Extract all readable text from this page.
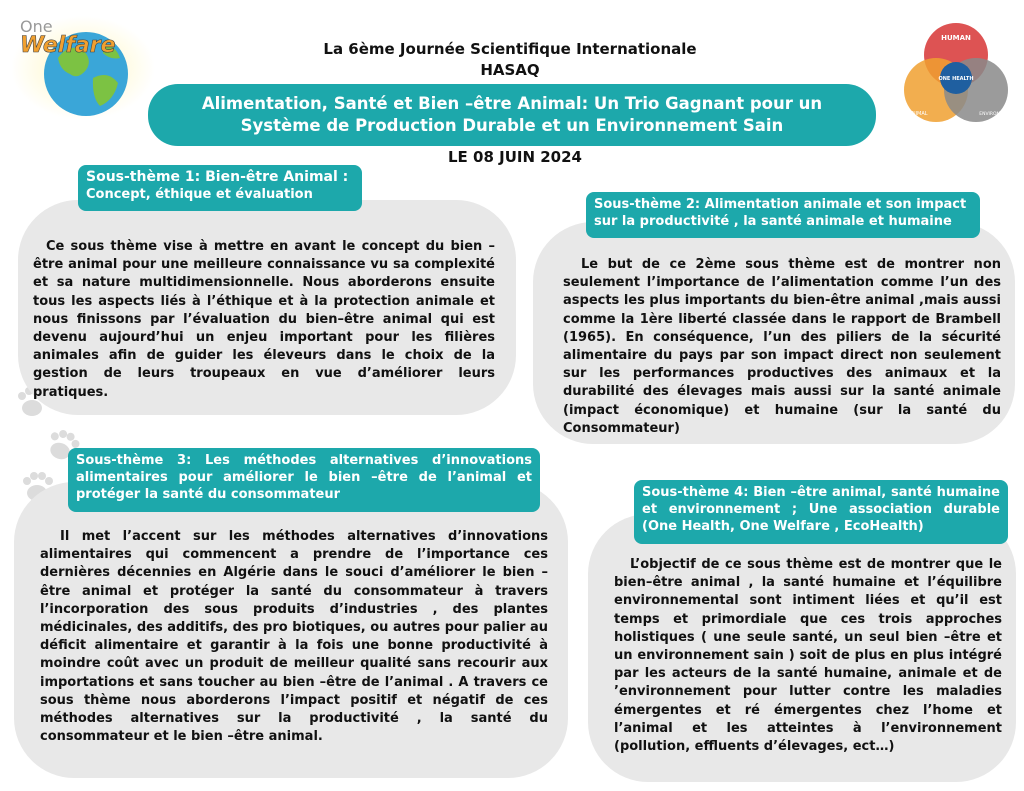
One
Welfare	HUMAN
ONE HEALTH
ANIMAL	ENVIRONMENT
La 6ème Journée Scientifique Internationale
HASAQ
Alimentation, Santé et Bien –être Animal: Un Trio Gagnant pour un Système de Production Durable et un Environnement Sain
LE 08 JUIN 2024
Sous-thème 1: Bien-être Animal :
Concept, éthique et évaluation
Ce sous thème vise à mettre en avant le concept du bien –être animal pour une meilleure connaissance vu sa complexité et sa nature multidimensionnelle. Nous aborderons ensuite tous les aspects liés à l’éthique et à la protection animale et nous finissons par l’évaluation du bien–être animal qui est devenu aujourd’hui un enjeu important pour les filières animales afin de guider les éleveurs dans le choix de la gestion de leurs troupeaux en vue d’améliorer leurs pratiques.
Sous-thème 2: Alimentation animale et son impact sur la productivité , la santé animale et humaine
Le but de ce 2ème sous thème est de montrer non seulement l’importance de l’alimentation comme l’un des aspects les plus importants du bien-être animal ,mais aussi comme la 1ère liberté classée dans le rapport de Brambell (1965). En conséquence, l’un des piliers de la sécurité alimentaire du pays par son impact direct non seulement sur les performances productives des animaux et la durabilité des élevages mais aussi sur la santé animale (impact économique) et humaine (sur la santé du Consommateur)
Sous-thème 3: Les méthodes alternatives d’innovations alimentaires pour améliorer le bien –être de l’animal et protéger la santé du consommateur
Il met l’accent sur les méthodes alternatives d’innovations alimentaires qui commencent a prendre de l’importance ces dernières décennies en Algérie dans le souci d’améliorer le bien –être animal et protéger la santé du consommateur à travers l’incorporation des sous produits d’industries , des plantes médicinales, des additifs, des pro biotiques, ou autres pour palier au déficit alimentaire et garantir à la fois une bonne productivité à moindre coût avec un produit de meilleur qualité sans recourir aux importations et sans toucher au bien –être de l’animal . A travers ce sous thème nous aborderons l’impact positif et négatif de ces méthodes alternatives sur la productivité , la santé du consommateur et le bien –être animal.
Sous-thème 4: Bien –être animal, santé humaine et environnement ; Une association durable (One Health, One Welfare , EcoHealth)
L’objectif de ce sous thème est de montrer que le bien–être animal , la santé humaine et l’équilibre environnemental sont intiment liées et qu’il est temps et primordiale que ces trois approches holistiques ( une seule santé, un seul bien –être et un environnement sain ) soit de plus en plus intégré par les acteurs de la santé humaine, animale et de ’environnement pour lutter contre les maladies émergentes et ré émergentes chez l’home et l’animal et les atteintes à l’environnement (pollution, effluents d’élevages, ect…)
